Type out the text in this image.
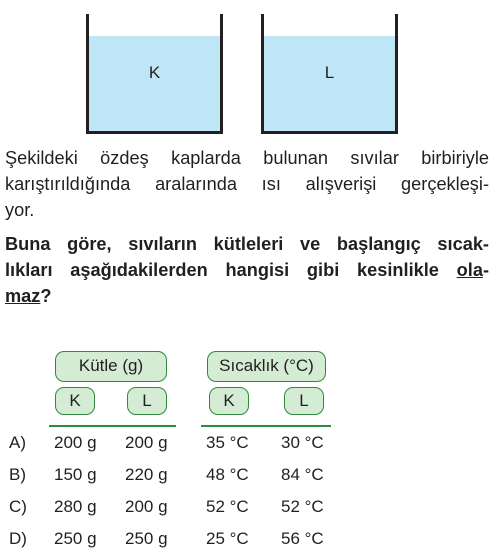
K	L

Şekildeki özdeş kaplarda bulunan sıvılar birbiriyle
karıştırıldığında aralarında ısı alışverişi gerçekleşi-
yor.

Buna göre, sıvıların kütleleri ve başlangıç sıcak-
lıkları aşağıdakilerden hangisi gibi kesinlikle ola-
maz?

Kütle (g)	Sıcaklık (°C)
K	L	K	L
A) 200 g 200 g 35 °C 30 °C
B) 150 g 220 g 48 °C 84 °C
C) 280 g 200 g 52 °C 52 °C
D) 250 g 250 g 25 °C 56 °C
